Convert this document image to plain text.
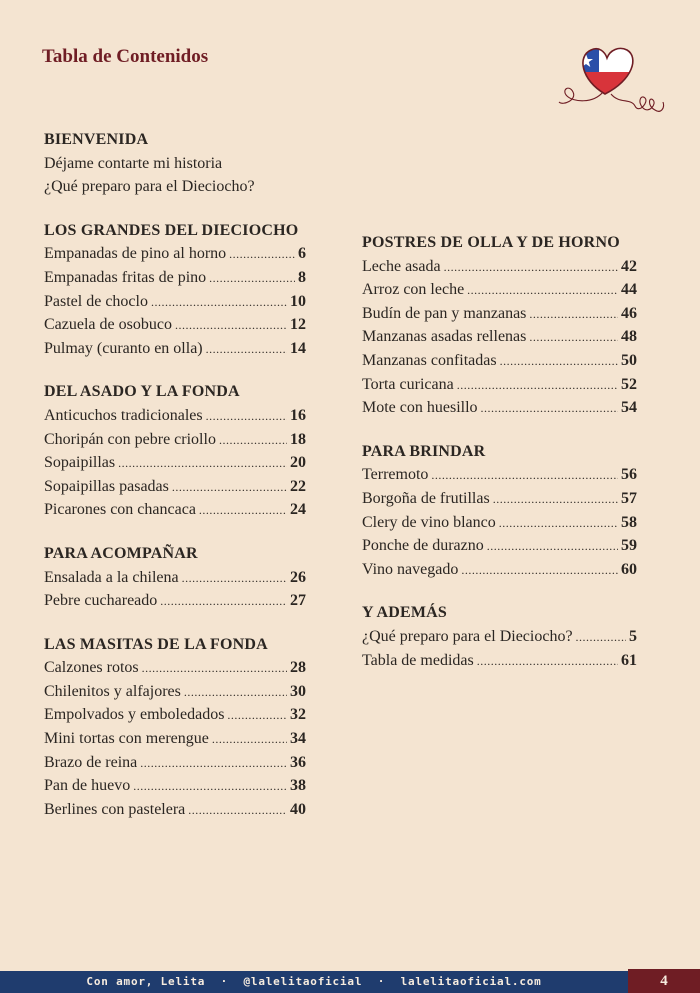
Tabla de Contenidos
BIENVENIDA
Déjame contarte mi historia
¿Qué preparo para el Dieciocho?
LOS GRANDES DEL DIECIOCHO
Empanadas de pino al horno .....	6
Empanadas fritas de pino .....	8
Pastel de choclo .....	10
Cazuela de osobuco .....	12
Pulmay (curanto en olla) .....	14
DEL ASADO Y LA FONDA
Anticuchos tradicionales .....	16
Choripán con pebre criollo .....	18
Sopaipillas .....	20
Sopaipillas pasadas .....	22
Picarones con chancaca .....	24
PARA ACOMPAÑAR
Ensalada a la chilena .....	26
Pebre cuchareado .....	27
LAS MASITAS DE LA FONDA
Calzones rotos .....	28
Chilenitos y alfajores .....	30
Empolvados y emboledados .....	32
Mini tortas con merengue .....	34
Brazo de reina .....	36
Pan de huevo .....	38
Berlines con pastelera .....	40
POSTRES DE OLLA Y DE HORNO
Leche asada .....	42
Arroz con leche .....	44
Budín de pan y manzanas .....	46
Manzanas asadas rellenas .....	48
Manzanas confitadas .....	50
Torta curicana .....	52
Mote con huesillo .....	54
PARA BRINDAR
Terremoto .....	56
Borgoña de frutillas .....	57
Clery de vino blanco .....	58
Ponche de durazno .....	59
Vino navegado .....	60
Y ADEMÁS
¿Qué preparo para el Dieciocho? .....	5
Tabla de medidas .....	61
Con amor, Lelita · @lalelitaoficial · lalelitaoficial.com	4
